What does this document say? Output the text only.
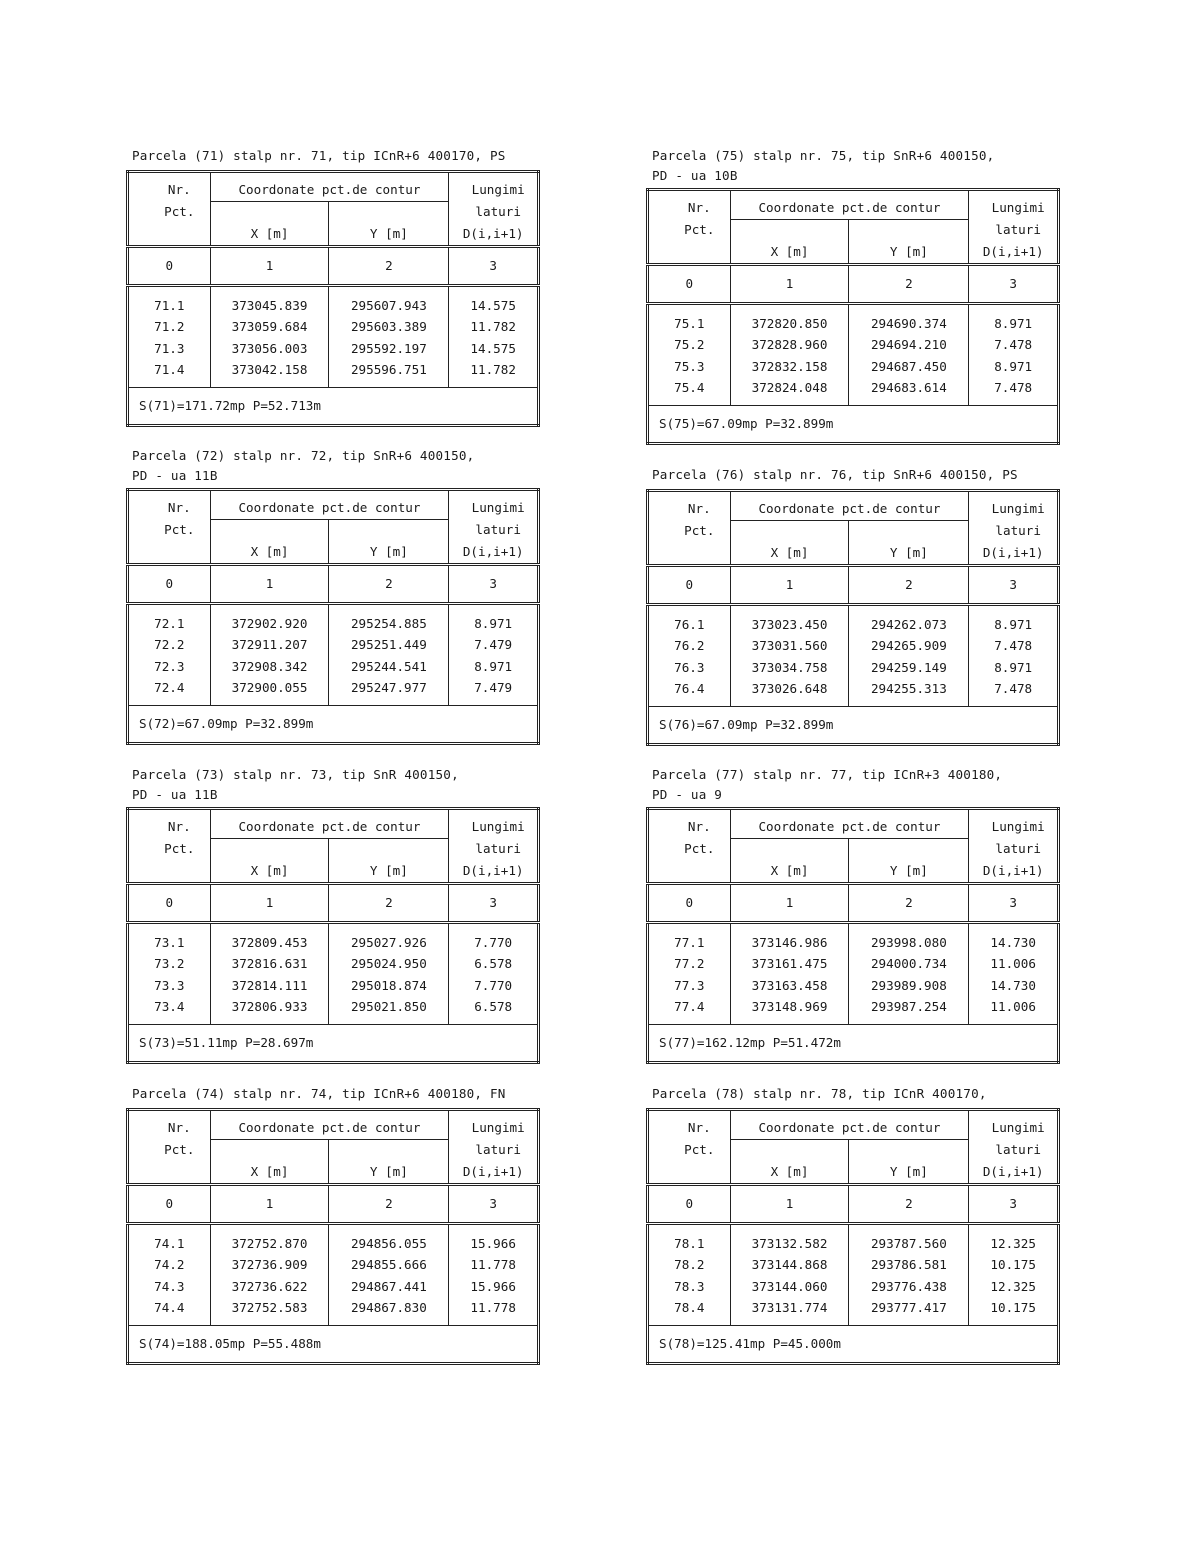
Parcela (71) stalp nr. 71, tip ICnR+6 400170, PS
Nr.	Coordonate pct.de contur		Lungimi
Pct.			laturi
	X [m]	Y [m]	D(i,i+1)
0	1	2	3

71.1	373045.839	295607.943	14.575
71.2	373059.684	295603.389	11.782
71.3	373056.003	295592.197	14.575
71.4	373042.158	295596.751	11.782

S(71)=171.72mp P=52.713m			
Parcela (75) stalp nr. 75, tip SnR+6 400150,
PD - ua 10B
Nr.	Coordonate pct.de contur		Lungimi
Pct.			laturi
	X [m]	Y [m]	D(i,i+1)
0	1	2	3

75.1	372820.850	294690.374	8.971
75.2	372828.960	294694.210	7.478
75.3	372832.158	294687.450	8.971
75.4	372824.048	294683.614	7.478

S(75)=67.09mp P=32.899m			
Parcela (72) stalp nr. 72, tip SnR+6 400150,
PD - ua 11B
Nr.	Coordonate pct.de contur		Lungimi
Pct.			laturi
	X [m]	Y [m]	D(i,i+1)
0	1	2	3

72.1	372902.920	295254.885	8.971
72.2	372911.207	295251.449	7.479
72.3	372908.342	295244.541	8.971
72.4	372900.055	295247.977	7.479

S(72)=67.09mp P=32.899m			
Parcela (76) stalp nr. 76, tip SnR+6 400150, PS
Nr.	Coordonate pct.de contur		Lungimi
Pct.			laturi
	X [m]	Y [m]	D(i,i+1)
0	1	2	3

76.1	373023.450	294262.073	8.971
76.2	373031.560	294265.909	7.478
76.3	373034.758	294259.149	8.971
76.4	373026.648	294255.313	7.478

S(76)=67.09mp P=32.899m			
Parcela (73) stalp nr. 73, tip SnR 400150,
PD - ua 11B
Nr.	Coordonate pct.de contur		Lungimi
Pct.			laturi
	X [m]	Y [m]	D(i,i+1)
0	1	2	3

73.1	372809.453	295027.926	7.770
73.2	372816.631	295024.950	6.578
73.3	372814.111	295018.874	7.770
73.4	372806.933	295021.850	6.578

S(73)=51.11mp P=28.697m			
Parcela (77) stalp nr. 77, tip ICnR+3 400180,
PD - ua 9
Nr.	Coordonate pct.de contur		Lungimi
Pct.			laturi
	X [m]	Y [m]	D(i,i+1)
0	1	2	3

77.1	373146.986	293998.080	14.730
77.2	373161.475	294000.734	11.006
77.3	373163.458	293989.908	14.730
77.4	373148.969	293987.254	11.006

S(77)=162.12mp P=51.472m			
Parcela (74) stalp nr. 74, tip ICnR+6 400180, FN
Nr.	Coordonate pct.de contur		Lungimi
Pct.			laturi
	X [m]	Y [m]	D(i,i+1)
0	1	2	3

74.1	372752.870	294856.055	15.966
74.2	372736.909	294855.666	11.778
74.3	372736.622	294867.441	15.966
74.4	372752.583	294867.830	11.778

S(74)=188.05mp P=55.488m			
Parcela (78) stalp nr. 78, tip ICnR 400170,
Nr.	Coordonate pct.de contur		Lungimi
Pct.			laturi
	X [m]	Y [m]	D(i,i+1)
0	1	2	3

78.1	373132.582	293787.560	12.325
78.2	373144.868	293786.581	10.175
78.3	373144.060	293776.438	12.325
78.4	373131.774	293777.417	10.175

S(78)=125.41mp P=45.000m			
